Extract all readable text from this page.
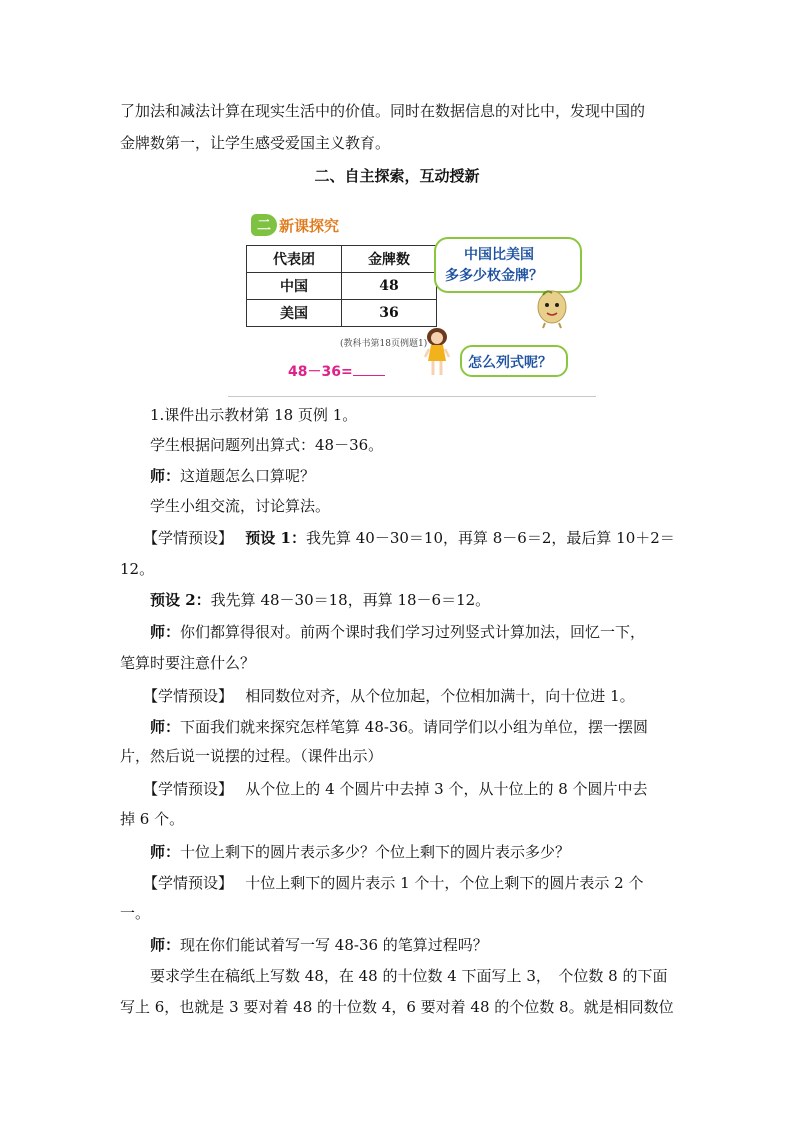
了加法和减法计算在现实生活中的价值。同时在数据信息的对比中，发现中国的

金牌数第一，让学生感受爱国主义教育。

二、自主探索，互动授新
二 新课探究
代表团	金牌数
中国	48
美国	36
(教科书第18页例题1)
48－36=
中国比美国
多多少枚金牌？
怎么列式呢？

1.课件出示教材第 18 页例 1。

学生根据问题列出算式：48－36。

师：这道题怎么口算呢？

学生小组交流，讨论算法。

【学情预设】　 预设 1：我先算 40－30＝10，再算 8－6＝2，最后算 10＋2＝

12。

预设 2：我先算 48－30＝18，再算 18－6＝12。

师：你们都算得很对。前两个课时我们学习过列竖式计算加法，回忆一下，

笔算时要注意什么？

【学情预设】　 相同数位对齐，从个位加起，个位相加满十，向十位进 1。

师：下面我们就来探究怎样笔算 48-36。请同学们以小组为单位，摆一摆圆

片，然后说一说摆的过程。（课件出示）

【学情预设】　 从个位上的 4 个圆片中去掉 3 个，从十位上的 8 个圆片中去

掉 6 个。

师：十位上剩下的圆片表示多少？个位上剩下的圆片表示多少？

【学情预设】　 十位上剩下的圆片表示 1 个十，个位上剩下的圆片表示 2 个

一。

师：现在你们能试着写一写 48-36 的笔算过程吗？

要求学生在稿纸上写数 48，在 48 的十位数 4 下面写上 3，　个位数 8 的下面

写上 6，也就是 3 要对着 48 的十位数 4，6 要对着 48 的个位数 8。就是相同数位
